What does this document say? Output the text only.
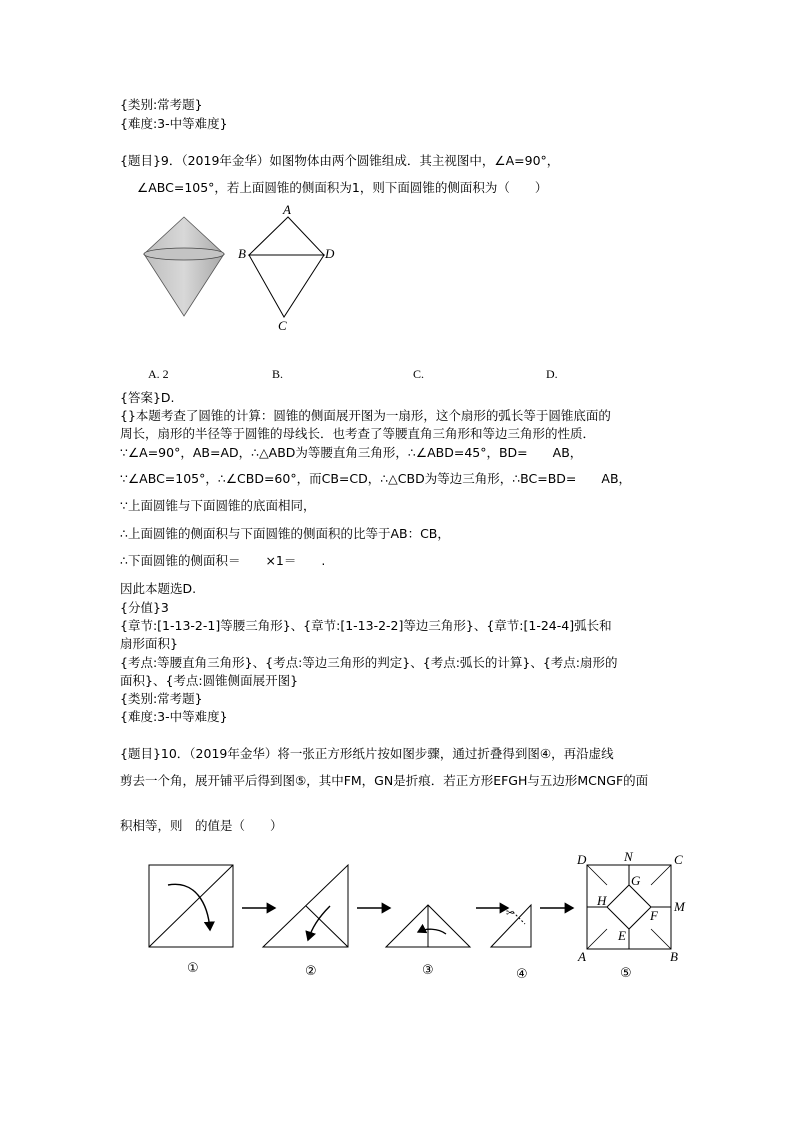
{类别:常考题}
{难度:3-中等难度}
{题目}9．（2019年金华）如图物体由两个圆锥组成．其主视图中，∠A=90°，
∠ABC=105°，若上面圆锥的侧面积为1，则下面圆锥的侧面积为（　　）
A
B	D
C
A. 2	B.	C.	D.
{答案}D.
{}本题考查了圆锥的计算：圆锥的侧面展开图为一扇形，这个扇形的弧长等于圆锥底面的
周长，扇形的半径等于圆锥的母线长．也考查了等腰直角三角形和等边三角形的性质．
∵∠A=90°，AB=AD，∴△ABD为等腰直角三角形，∴∠ABD=45°，BD=　　AB，
∵∠ABC=105°，∴∠CBD=60°，而CB=CD，∴△CBD为等边三角形，∴BC=BD=　　AB，
∵上面圆锥与下面圆锥的底面相同，
∴上面圆锥的侧面积与下面圆锥的侧面积的比等于AB：CB，
∴下面圆锥的侧面积＝　　×1＝　　.
因此本题选D.
{分值}3
{章节:[1-13-2-1]等腰三角形}、{章节:[1-13-2-2]等边三角形}、{章节:[1-24-4]弧长和
扇形面积}
{考点:等腰直角三角形}、{考点:等边三角形的判定}、{考点:弧长的计算}、{考点:扇形的
面积}、{考点:圆锥侧面展开图}
{类别:常考题}
{难度:3-中等难度}
{题目}10．（2019年金华）将一张正方形纸片按如图步骤，通过折叠得到图④，再沿虚线
剪去一个角，展开铺平后得到图⑤，其中FM，GN是折痕．若正方形EFGH与五边形MCNGF的面
积相等，则　的值是（　　）
✂
D	N	C
G
H
F
M
E
A	B
①	②	③	④	⑤
